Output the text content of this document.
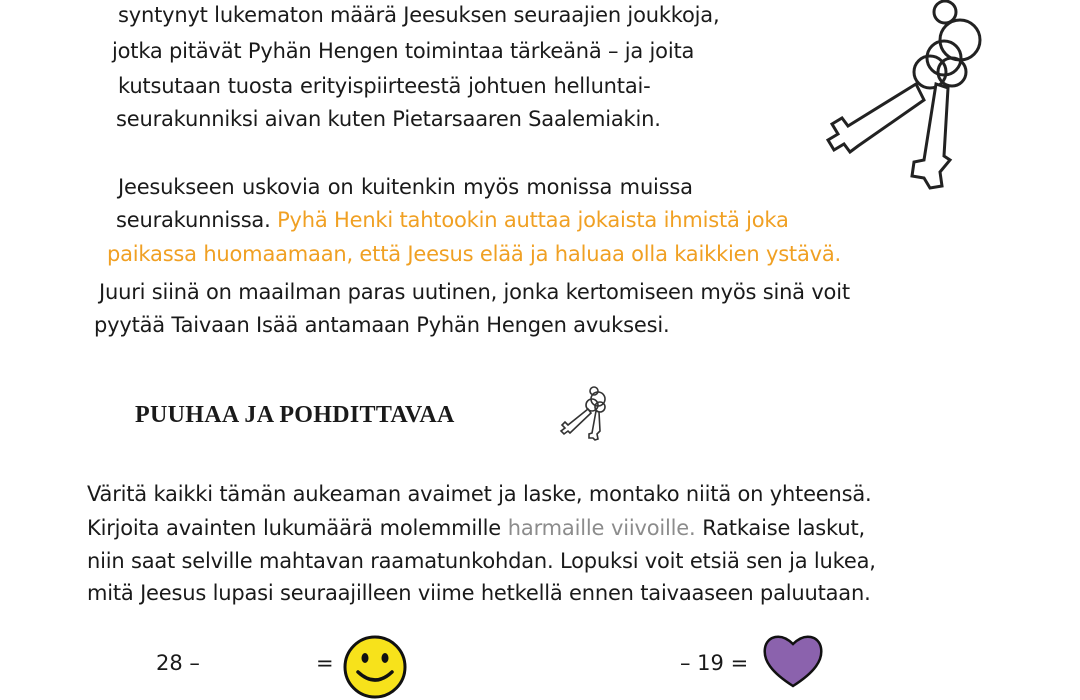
syntynyt lukematon määrä Jeesuksen seuraajien joukkoja,
jotka pitävät Pyhän Hengen toimintaa tärkeänä – ja joita
kutsutaan tuosta erityispiirteestä johtuen helluntai-
seurakunniksi aivan kuten Pietarsaaren Saalemiakin.
Jeesukseen uskovia on kuitenkin myös monissa muissa
seurakunnissa. Pyhä Henki tahtookin auttaa jokaista ihmistä joka
paikassa huomaamaan, että Jeesus elää ja haluaa olla kaikkien ystävä.
Juuri siinä on maailman paras uutinen, jonka kertomiseen myös sinä voit
pyytää Taivaan Isää antamaan Pyhän Hengen avuksesi.
PUUHAA JA POHDITTAVAA
Väritä kaikki tämän aukeaman avaimet ja laske, montako niitä on yhteensä.
Kirjoita avainten lukumäärä molemmille harmaille viivoille. Ratkaise laskut,
niin saat selville mahtavan raamatunkohdan. Lopuksi voit etsiä sen ja lukea,
mitä Jeesus lupasi seuraajilleen viime hetkellä ennen taivaaseen paluutaan.
28 –	=	– 19 =
